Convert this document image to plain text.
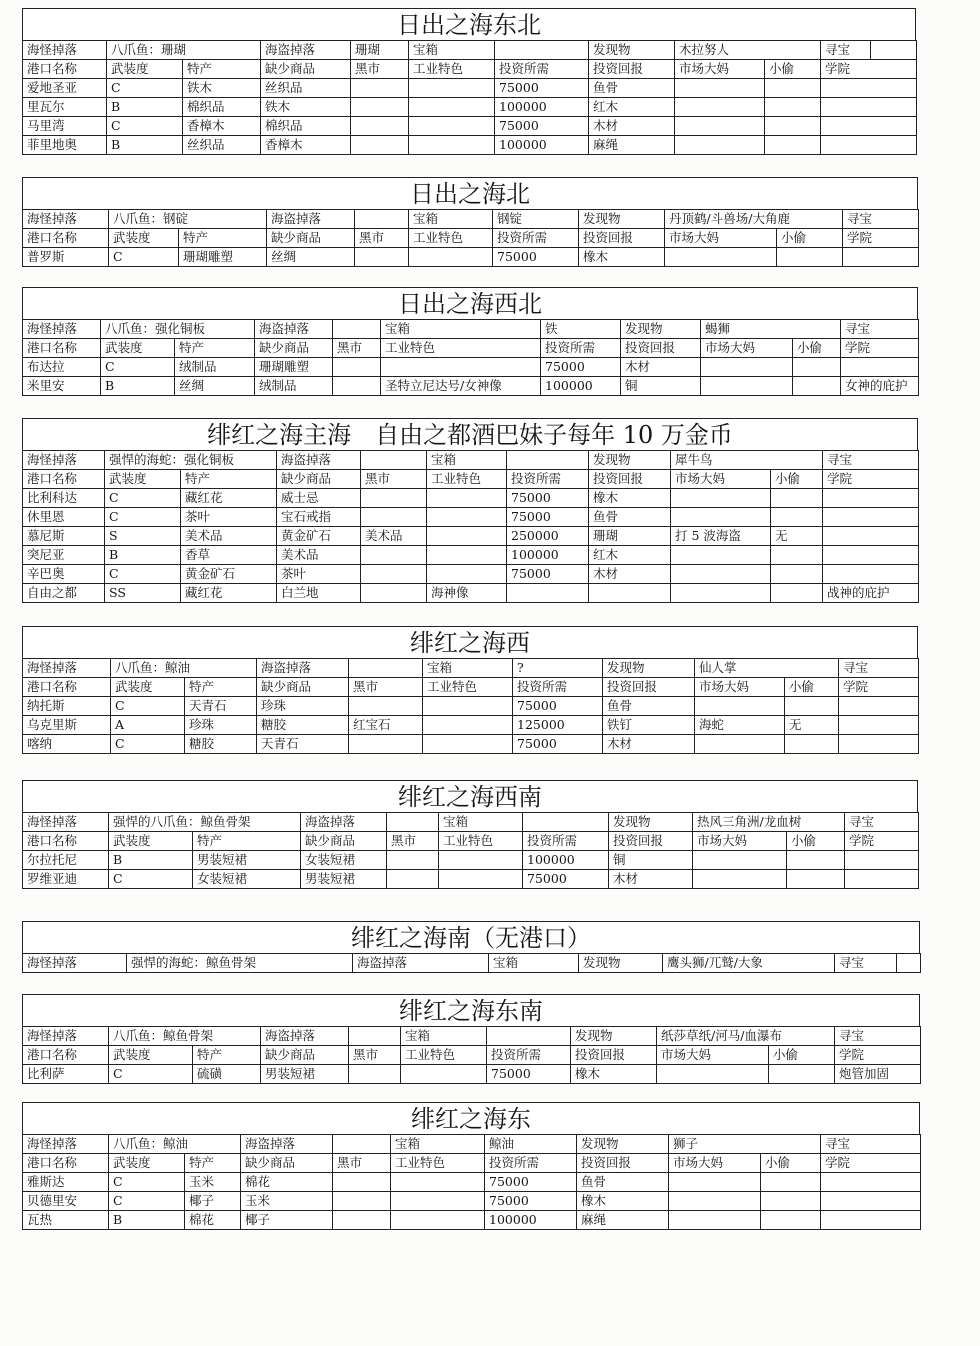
日出之海东北
海怪掉落	八爪鱼：珊瑚		海盗掉落	珊瑚	宝箱		发现物	木拉努人		寻宝	
港口名称	武装度	特产	缺少商品	黑市	工业特色	投资所需	投资回报	市场大妈	小偷	学院	
爱地圣亚	C	铁木	丝织品			75000	鱼骨				
里瓦尔	B	棉织品	铁木			100000	红木				
马里湾	C	香樟木	棉织品			75000	木材				
菲里地奥	B	丝织品	香樟木			100000	麻绳				
日出之海北
海怪掉落	八爪鱼：钢碇		海盗掉落		宝箱	钢锭	发现物	丹顶鹤/斗兽场/大角鹿		寻宝
港口名称	武装度	特产	缺少商品	黑市	工业特色	投资所需	投资回报	市场大妈	小偷	学院
普罗斯	C	珊瑚雕塑	丝绸			75000	橡木			
日出之海西北
海怪掉落	八爪鱼：强化铜板		海盗掉落		宝箱	铁	发现物	蝎狮		寻宝
港口名称	武装度	特产	缺少商品	黑市	工业特色	投资所需	投资回报	市场大妈	小偷	学院
布达拉	C	绒制品	珊瑚雕塑			75000	木材			
米里安	B	丝绸	绒制品		圣特立尼达号/女神像	100000	铜			女神的庇护
绯红之海主海　自由之都酒巴妹子每年 10 万金币
海怪掉落	强悍的海蛇：强化铜板		海盗掉落		宝箱		发现物	犀牛鸟		寻宝
港口名称	武装度	特产	缺少商品	黑市	工业特色	投资所需	投资回报	市场大妈	小偷	学院
比利科达	C	藏红花	威士忌			75000	橡木			
休里恩	C	茶叶	宝石戒指			75000	鱼骨			
慕尼斯	S	美术品	黄金矿石	美术品		250000	珊瑚	打 5 波海盗	无	
突尼亚	B	香草	美术品			100000	红木			
辛巴奥	C	黄金矿石	茶叶			75000	木材			
自由之都	SS	藏红花	白兰地		海神像					战神的庇护
绯红之海西
海怪掉落	八爪鱼：鲸油		海盗掉落		宝箱	?	发现物	仙人掌		寻宝
港口名称	武装度	特产	缺少商品	黑市	工业特色	投资所需	投资回报	市场大妈	小偷	学院
纳托斯	C	天青石	珍珠			75000	鱼骨			
乌克里斯	A	珍珠	糖胶	红宝石		125000	铁钉	海蛇	无	
喀纳	C	糖胶	天青石			75000	木材			
绯红之海西南
海怪掉落	强悍的八爪鱼：鲸鱼骨架		海盗掉落		宝箱		发现物	热风三角洲/龙血树		寻宝
港口名称	武装度	特产	缺少商品	黑市	工业特色	投资所需	投资回报	市场大妈	小偷	学院
尔拉托尼	B	男装短裙	女装短裙			100000	铜			
罗维亚迪	C	女装短裙	男装短裙			75000	木材			
绯红之海南（无港口）
海怪掉落	强悍的海蛇：鲸鱼骨架	海盗掉落	宝箱	发现物	鹰头狮/兀鹫/大象	寻宝	
绯红之海东南
海怪掉落	八爪鱼：鲸鱼骨架		海盗掉落		宝箱		发现物	纸莎草纸/河马/血瀑布		寻宝
港口名称	武装度	特产	缺少商品	黑市	工业特色	投资所需	投资回报	市场大妈	小偷	学院
比利萨	C	硫磺	男装短裙			75000	橡木			炮管加固
绯红之海东
海怪掉落	八爪鱼：鲸油		海盗掉落		宝箱	鲸油	发现物	狮子		寻宝
港口名称	武装度	特产	缺少商品	黑市	工业特色	投资所需	投资回报	市场大妈	小偷	学院
雅斯达	C	玉米	棉花			75000	鱼骨			
贝德里安	C	椰子	玉米			75000	橡木			
瓦热	B	棉花	椰子			100000	麻绳			
